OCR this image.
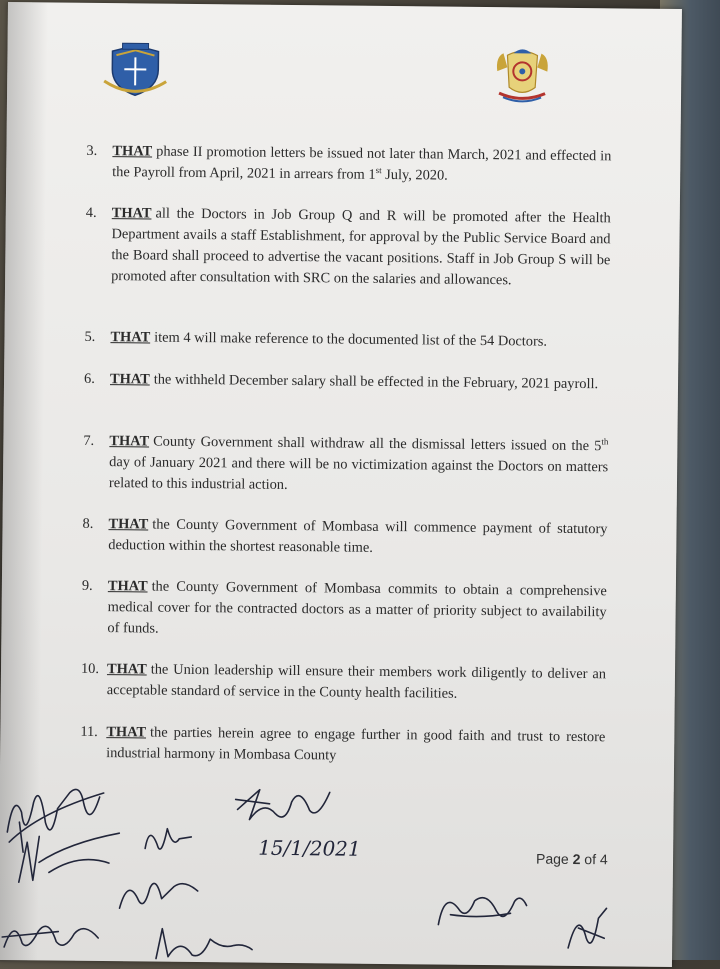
3.	THAT phase II promotion letters be issued not later than March, 2021 and effected in the Payroll from April, 2021 in arrears from 1st July, 2020.
4.	THAT all the Doctors in Job Group Q and R will be promoted after the Health Department avails a staff Establishment, for approval by the Public Service Board and the Board shall proceed to advertise the vacant positions. Staff in Job Group S will be promoted after consultation with SRC on the salaries and allowances.
5.	THAT item 4 will make reference to the documented list of the 54 Doctors.
6.	THAT the withheld December salary shall be effected in the February, 2021 payroll.
7.	THAT County Government shall withdraw all the dismissal letters issued on the 5th day of January 2021 and there will be no victimization against the Doctors on matters related to this industrial action.
8.	THAT the County Government of Mombasa will commence payment of statutory deduction within the shortest reasonable time.
9.	THAT the County Government of Mombasa commits to obtain a comprehensive medical cover for the contracted doctors as a matter of priority subject to availability of funds.
10. THAT the Union leadership will ensure their members work diligently to deliver an acceptable standard of service in the County health facilities.
11. THAT the parties herein agree to engage further in good faith and trust to restore industrial harmony in Mombasa County
Page 2 of 4
15/1/2021
